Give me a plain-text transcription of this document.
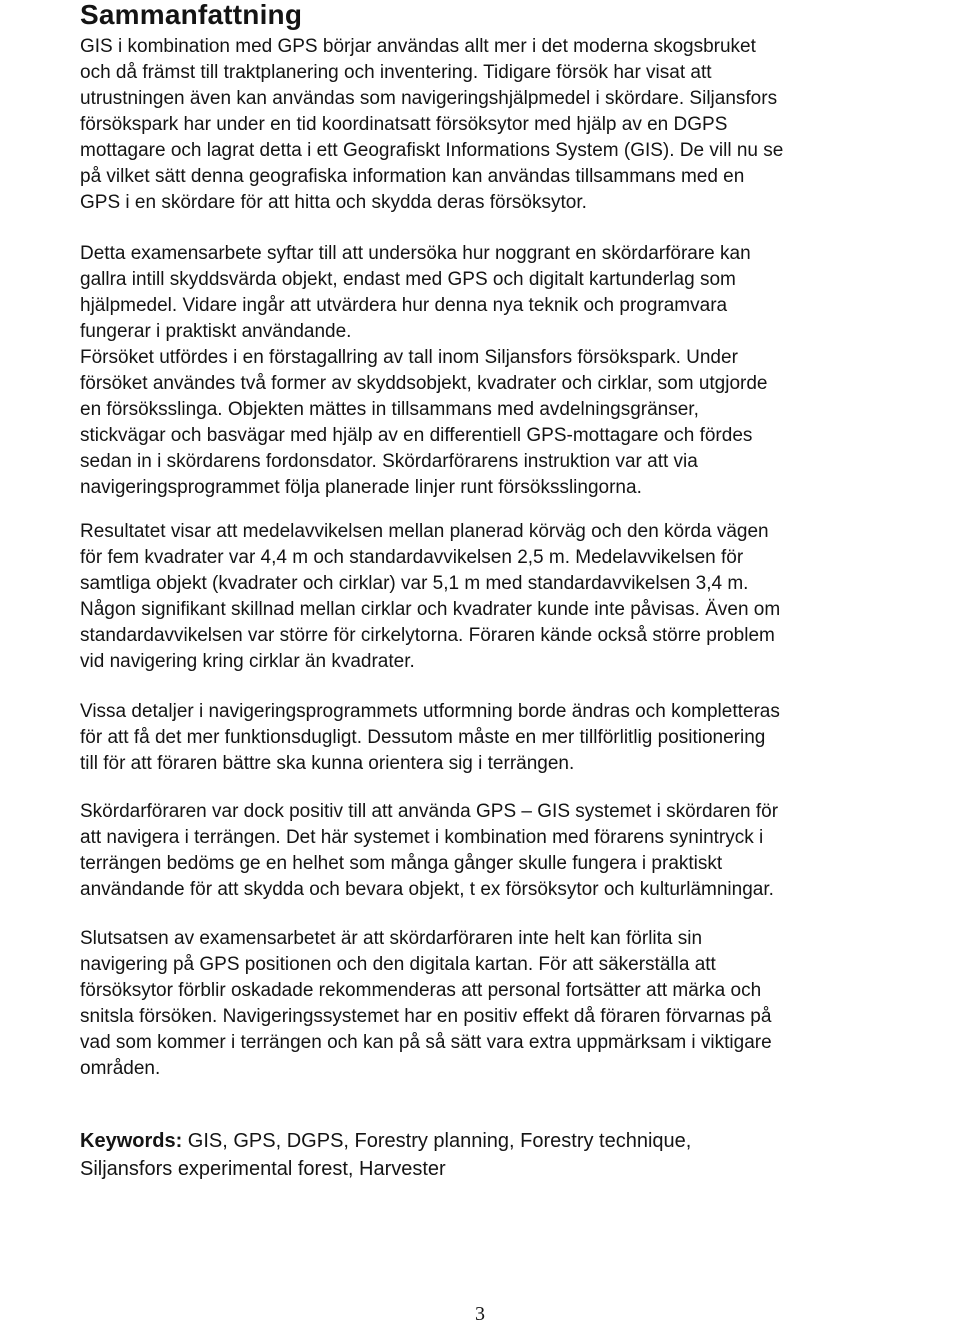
Sammanfattning

GIS i kombination med GPS börjar användas allt mer i det moderna skogsbruket
och då främst till traktplanering och inventering. Tidigare försök har visat att
utrustningen även kan användas som navigeringshjälpmedel i skördare. Siljansfors
försökspark har under en tid koordinatsatt försöksytor med hjälp av en DGPS
mottagare och lagrat detta i ett Geografiskt Informations System (GIS). De vill nu se
på vilket sätt denna geografiska information kan användas tillsammans med en
GPS i en skördare för att hitta och skydda deras försöksytor.

Detta examensarbete syftar till att undersöka hur noggrant en skördarförare kan
gallra intill skyddsvärda objekt, endast med GPS och digitalt kartunderlag som
hjälpmedel. Vidare ingår att utvärdera hur denna nya teknik och programvara
fungerar i praktiskt användande.
Försöket utfördes i en förstagallring av tall inom Siljansfors försökspark. Under
försöket användes två former av skyddsobjekt, kvadrater och cirklar, som utgjorde
en försöksslinga. Objekten mättes in tillsammans med avdelningsgränser,
stickvägar och basvägar med hjälp av en differentiell GPS-mottagare och fördes
sedan in i skördarens fordonsdator. Skördarförarens instruktion var att via
navigeringsprogrammet följa planerade linjer runt försöksslingorna.

Resultatet visar att medelavvikelsen mellan planerad körväg och den körda vägen
för fem kvadrater var 4,4 m och standardavvikelsen 2,5 m. Medelavvikelsen för
samtliga objekt (kvadrater och cirklar) var 5,1 m med standardavvikelsen 3,4 m.
Någon signifikant skillnad mellan cirklar och kvadrater kunde inte påvisas. Även om
standardavvikelsen var större för cirkelytorna. Föraren kände också större problem
vid navigering kring cirklar än kvadrater.

Vissa detaljer i navigeringsprogrammets utformning borde ändras och kompletteras
för att få det mer funktionsdugligt. Dessutom måste en mer tillförlitlig positionering
till för att föraren bättre ska kunna orientera sig i terrängen.

Skördarföraren var dock positiv till att använda GPS – GIS systemet i skördaren för
att navigera i terrängen. Det här systemet i kombination med förarens synintryck i
terrängen bedöms ge en helhet som många gånger skulle fungera i praktiskt
användande för att skydda och bevara objekt, t ex försöksytor och kulturlämningar.

Slutsatsen av examensarbetet är att skördarföraren inte helt kan förlita sin
navigering på GPS positionen och den digitala kartan. För att säkerställa att
försöksytor förblir oskadade rekommenderas att personal fortsätter att märka och
snitsla försöken. Navigeringssystemet har en positiv effekt då föraren förvarnas på
vad som kommer i terrängen och kan på så sätt vara extra uppmärksam i viktigare
områden.

Keywords: GIS, GPS, DGPS, Forestry planning, Forestry technique,
Siljansfors experimental forest, Harvester

3
